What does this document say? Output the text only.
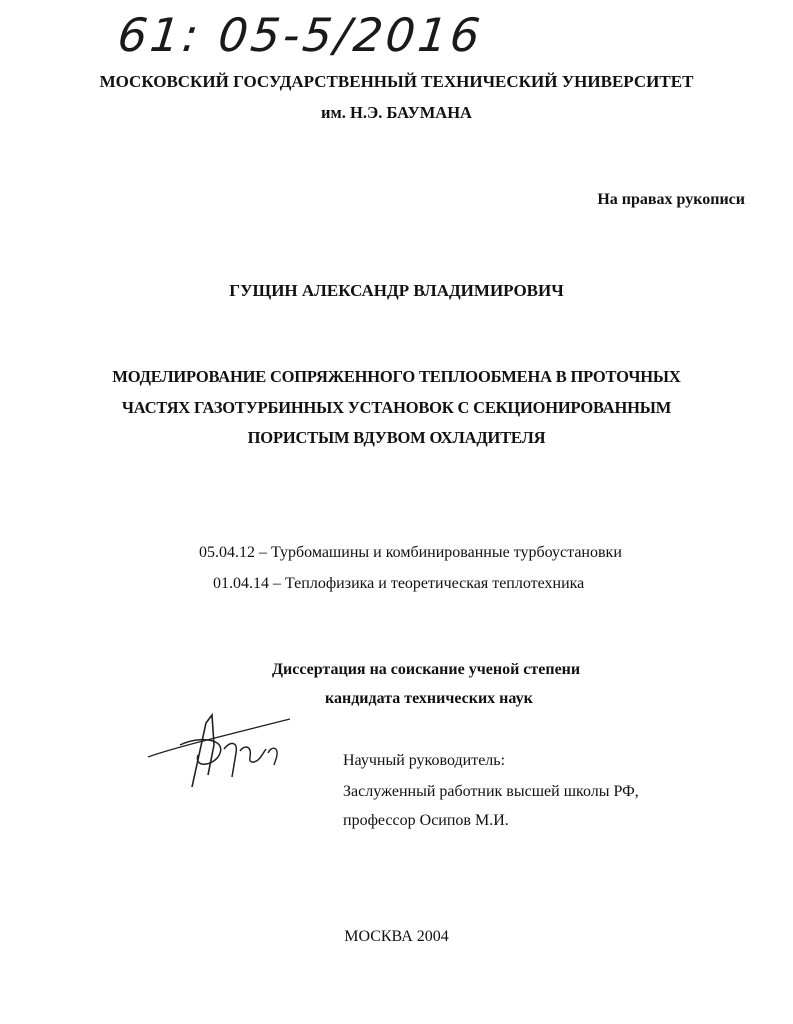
61: 05-5/2016
МОСКОВСКИЙ ГОСУДАРСТВЕННЫЙ ТЕХНИЧЕСКИЙ УНИВЕРСИТЕТ
им. Н.Э. БАУМАНА
На правах рукописи
ГУЩИН АЛЕКСАНДР ВЛАДИМИРОВИЧ
МОДЕЛИРОВАНИЕ СОПРЯЖЕННОГО ТЕПЛООБМЕНА В ПРОТОЧНЫХ
ЧАСТЯХ ГАЗОТУРБИННЫХ УСТАНОВОК С СЕКЦИОНИРОВАННЫМ
ПОРИСТЫМ ВДУВОМ ОХЛАДИТЕЛЯ
05.04.12 – Турбомашины и комбинированные турбоустановки
01.04.14 – Теплофизика и теоретическая теплотехника
Диссертация на соискание ученой степени
кандидата технических наук
Научный руководитель:
Заслуженный работник высшей школы РФ,
профессор Осипов М.И.
МОСКВА 2004
